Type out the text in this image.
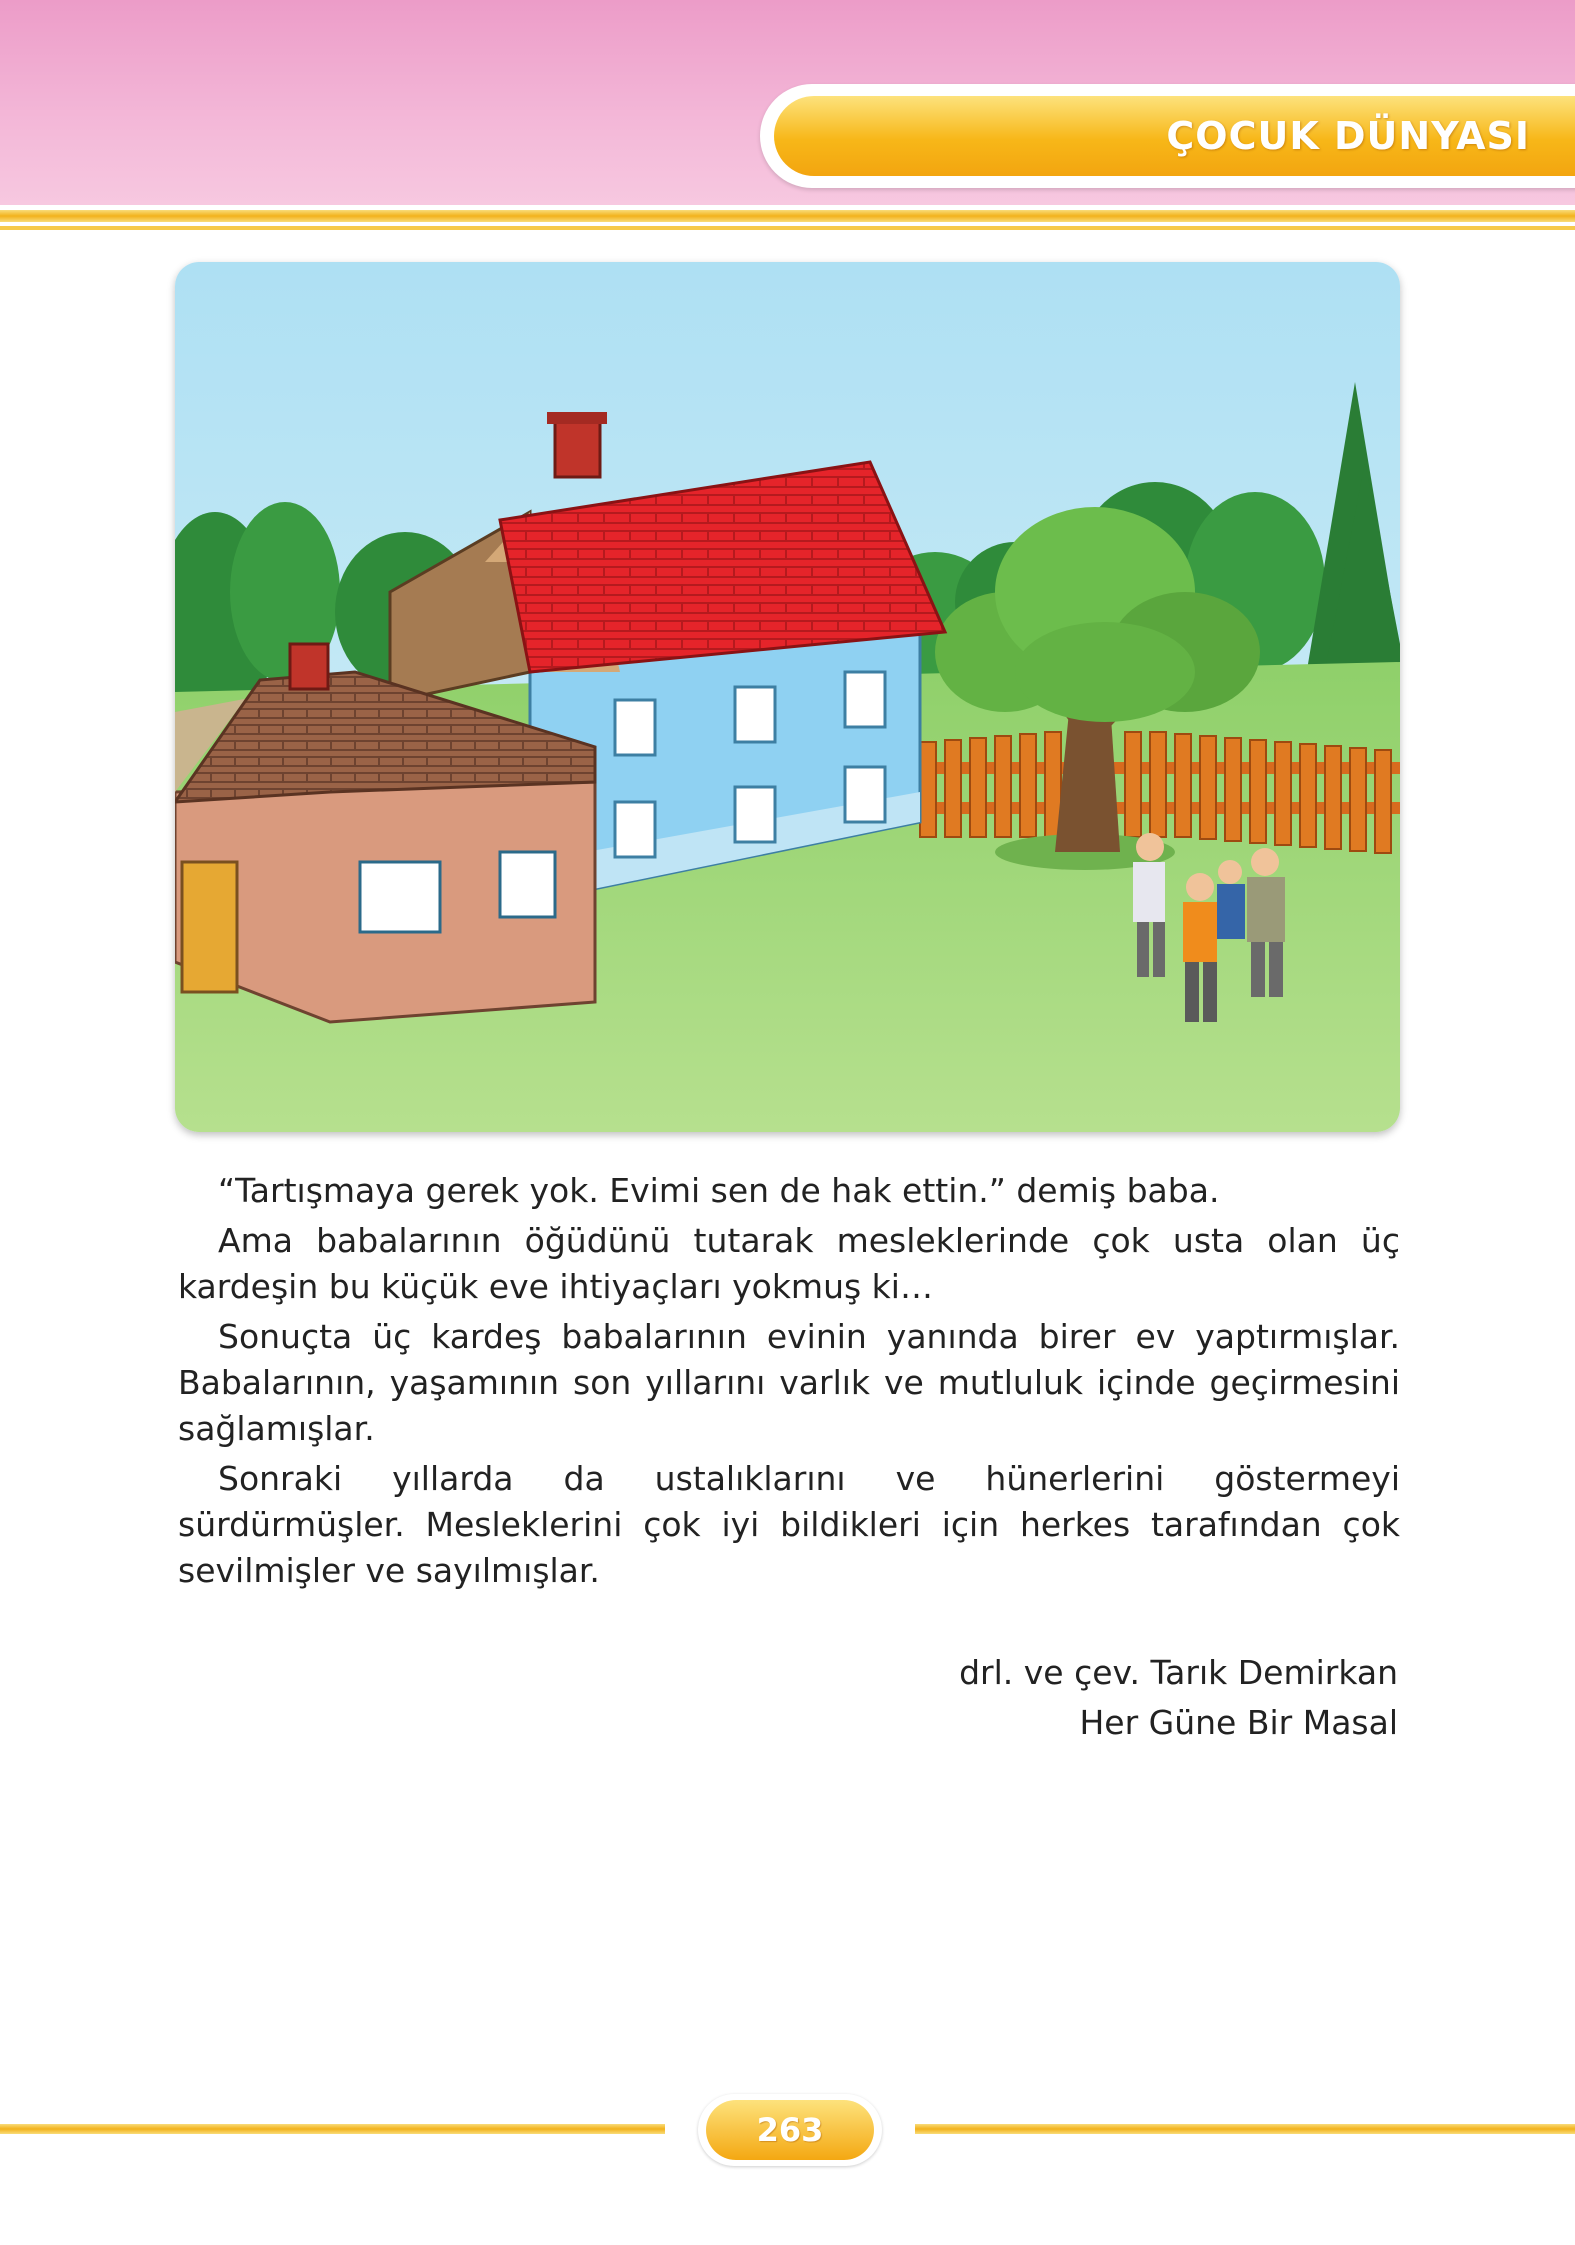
ÇOCUK DÜNYASI

“Tartışmaya gerek yok. Evimi sen de hak ettin.” demiş baba.

Ama babalarının öğüdünü tutarak mesleklerinde çok usta olan üç kardeşin bu küçük eve ihtiyaçları yokmuş ki…

Sonuçta üç kardeş babalarının evinin yanında birer ev yaptırmışlar. Babalarının, yaşamının son yıllarını varlık ve mutluluk içinde geçirmesini sağlamışlar.

Sonraki yıllarda da ustalıklarını ve hünerlerini göstermeyi sürdürmüşler. Mesleklerini çok iyi bildikleri için herkes tarafından çok sevilmişler ve sayılmışlar.

drl. ve çev. Tarık Demirkan
Her Güne Bir Masal
263
